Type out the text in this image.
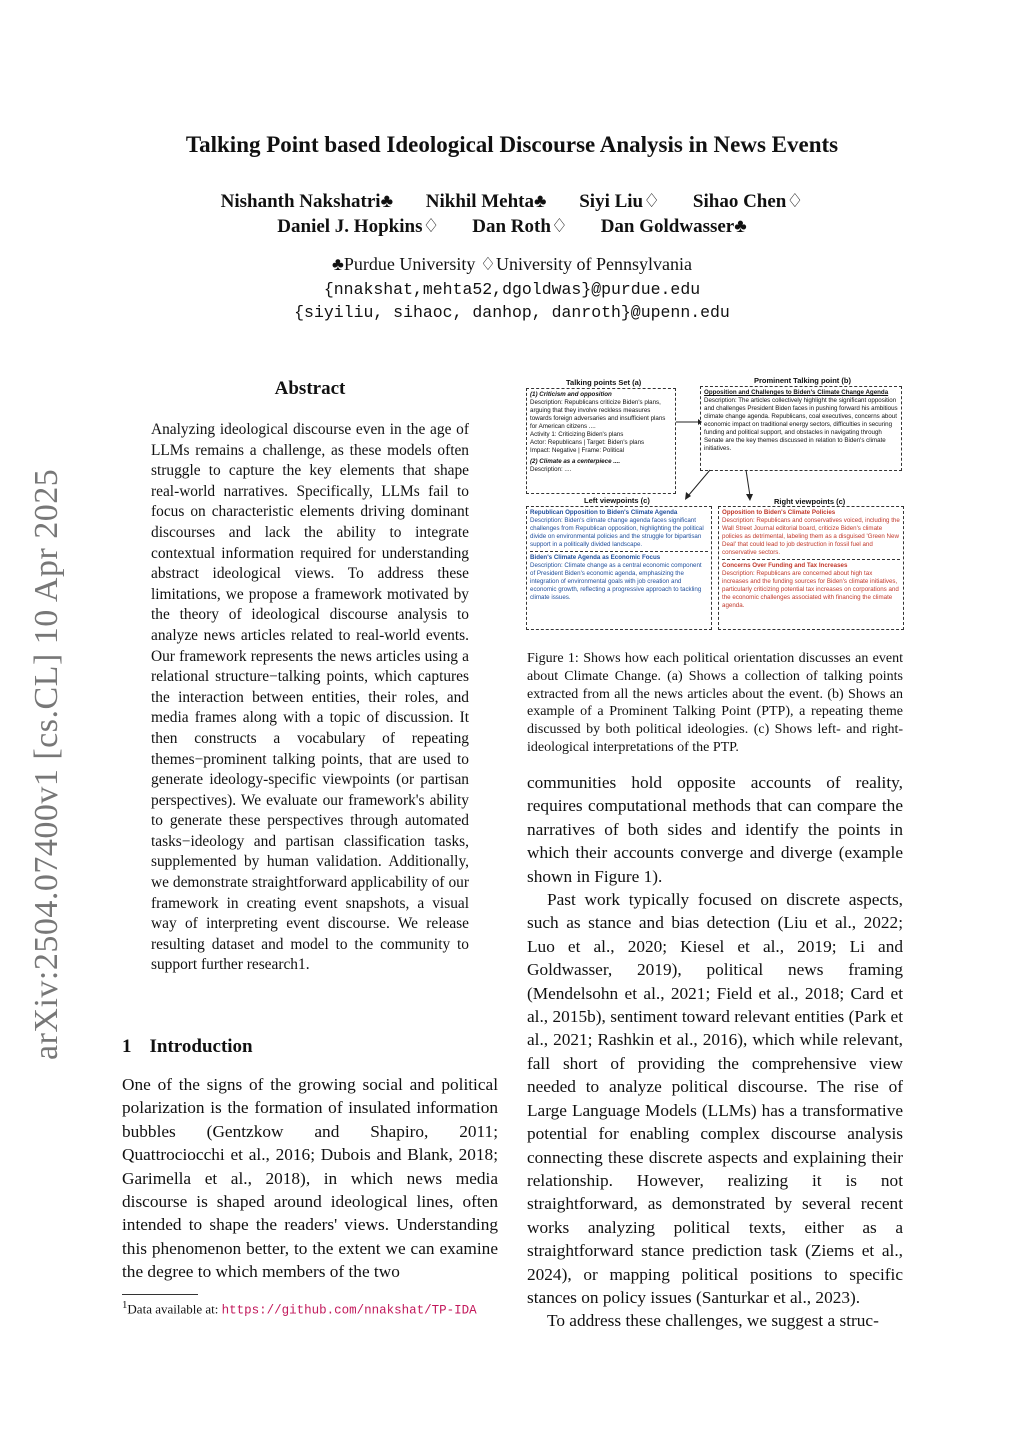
Talking Point based Ideological Discourse Analysis in News Events
Nishanth Nakshatri♣ Nikhil Mehta♣ Siyi Liu♢ Sihao Chen♢
Daniel J. Hopkins♢ Dan Roth♢ Dan Goldwasser♣
♣Purdue University ♢University of Pennsylvania
{nnakshat,mehta52,dgoldwas}@purdue.edu
{siyiliu, sihaoc, danhop, danroth}@upenn.edu
arXiv:2504.07400v1 [cs.CL] 10 Apr 2025
Abstract
Analyzing ideological discourse even in the age of LLMs remains a challenge, as these models often struggle to capture the key elements that shape real-world narratives. Specifically, LLMs fail to focus on characteristic elements driving dominant discourses and lack the ability to integrate contextual information required for understanding abstract ideological views. To address these limitations, we propose a framework motivated by the theory of ideological discourse analysis to analyze news articles related to real-world events. Our framework represents the news articles using a relational structure−talking points, which captures the interaction between entities, their roles, and media frames along with a topic of discussion. It then constructs a vocabulary of repeating themes−prominent talking points, that are used to generate ideology-specific viewpoints (or partisan perspectives). We evaluate our framework's ability to generate these perspectives through automated tasks−ideology and partisan classification tasks, supplemented by human validation. Additionally, we demonstrate straightforward applicability of our framework in creating event snapshots, a visual way of interpreting event discourse. We release resulting dataset and model to the community to support further research1.
1 Introduction
One of the signs of the growing social and political polarization is the formation of insulated information bubbles (Gentzkow and Shapiro, 2011; Quattrociocchi et al., 2016; Dubois and Blank, 2018; Garimella et al., 2018), in which news media discourse is shaped around ideological lines, often intended to shape the readers' views. Understanding this phenomenon better, to the extent we can examine the degree to which members of the two
$^1$Data available at: https://github.com/nnakshat/TP-IDA
Talking points Set (a)	Prominent Talking point (b)
(1) Criticism and opposition
Description: Republicans criticize Biden's plans, arguing that they involve reckless measures towards foreign adversaries and insufficient plans for American citizens ....
Activity 1: Criticizing Biden's plans
Actor: Republicans | Target: Biden's plans
Impact: Negative | Frame: Political
(2) Climate as a centerpiece ....
Description: ....
Opposition and Challenges to Biden's Climate Change Agenda
Description: The articles collectively highlight the significant opposition and challenges President Biden faces in pushing forward his ambitious climate change agenda. Republicans, coal executives, concerns about economic impact on traditional energy sectors, difficulties in securing funding and political support, and obstacles in navigating through Senate are the key themes discussed in relation to Biden's climate initiatives.
Left viewpoints (c)	Right viewpoints (c)
Republican Opposition to Biden's Climate Agenda
Description: Biden's climate change agenda faces significant challenges from Republican opposition, highlighting the political divide on environmental policies and the struggle for bipartisan support in a politically divided landscape.
Biden's Climate Agenda as Economic Focus
Description: Climate change as a central economic component of President Biden's economic agenda, emphasizing the integration of environmental goals with job creation and economic growth, reflecting a progressive approach to tackling climate issues.
Opposition to Biden's Climate Policies
Description: Republicans and conservatives voiced, including the Wall Street Journal editorial board, criticize Biden's climate policies as detrimental, labeling them as a disguised 'Green New Deal' that could lead to job destruction in fossil fuel and conservative sectors.
Concerns Over Funding and Tax Increases
Description: Republicans are concerned about high tax increases and the funding sources for Biden's climate initiatives, particularly criticizing potential tax increases on corporations and the economic challenges associated with financing the climate agenda.
Figure 1: Shows how each political orientation discusses an event about Climate Change. (a) Shows a collection of talking points extracted from all the news articles about the event. (b) Shows an example of a Prominent Talking Point (PTP), a repeating theme discussed by both political ideologies. (c) Shows left- and right- ideological interpretations of the PTP.

communities hold opposite accounts of reality, requires computational methods that can compare the narratives of both sides and identify the points in which their accounts converge and diverge (example shown in Figure 1).

Past work typically focused on discrete aspects, such as stance and bias detection (Liu et al., 2022; Luo et al., 2020; Kiesel et al., 2019; Li and Goldwasser, 2019), political news framing (Mendelsohn et al., 2021; Field et al., 2018; Card et al., 2015b), sentiment toward relevant entities (Park et al., 2021; Rashkin et al., 2016), which while relevant, fall short of providing the comprehensive view needed to analyze political discourse. The rise of Large Language Models (LLMs) has a transformative potential for enabling complex discourse analysis connecting these discrete aspects and explaining their relationship. However, realizing it is not straightforward, as demonstrated by several recent works analyzing political texts, either as a straightforward stance prediction task (Ziems et al., 2024), or mapping political positions to specific stances on policy issues (Santurkar et al., 2023).

To address these challenges, we suggest a struc-
